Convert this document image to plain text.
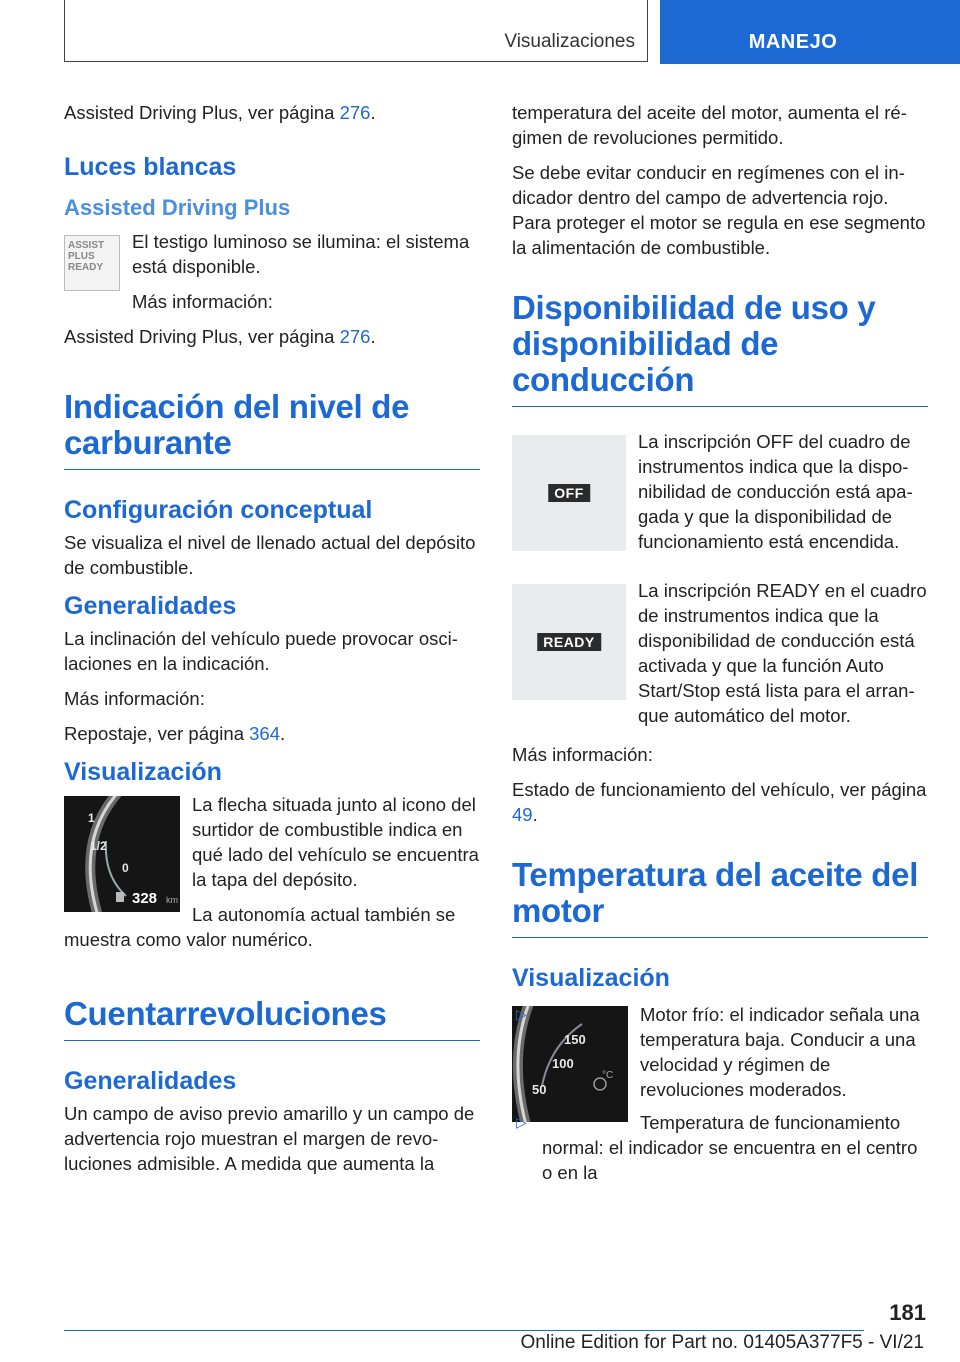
Visualizaciones	MANEJO

Assisted Driving Plus, ver página 276.

Luces blancas
Assisted Driving Plus
ASSIST
PLUS
READY

El testigo luminoso se ilumina: el sistema está disponible.

Más información:

Assisted Driving Plus, ver página 276.

Indicación del nivel de carburante
Configuración conceptual

Se visualiza el nivel de llenado actual del depósito de combustible.

Generalidades

La inclinación del vehículo puede provocar oscilaciones en la indicación.

Más información:

Repostaje, ver página 364.

Visualización
1
1/2
0
328 km

La flecha situada junto al icono del surtidor de combustible indica en qué lado del vehículo se encuentra la tapa del depósito.

La autonomía actual también se muestra como valor numérico.

Cuentarrevoluciones
Generalidades

Un campo de aviso previo amarillo y un campo de advertencia rojo muestran el margen de revoluciones admisible. A medida que aumenta la

temperatura del aceite del motor, aumenta el régimen de revoluciones permitido.

Se debe evitar conducir en regímenes con el indicador dentro del campo de advertencia rojo. Para proteger el motor se regula en ese segmento la alimentación de combustible.

Disponibilidad de uso y disponibilidad de conducción
OFF

La inscripción OFF del cuadro de instrumentos indica que la disponibilidad de conducción está apagada y que la disponibilidad de funcionamiento está encendida.

READY

La inscripción READY en el cuadro de instrumentos indica que la disponibilidad de conducción está activada y que la función Auto Start/Stop está lista para el arranque automático del motor.

Más información:

Estado de funcionamiento del vehículo, ver página 49.

Temperatura del aceite del motor
Visualización
150
100
50
°C
▷	Motor frío: el indicador señala una temperatura baja. Conducir a una velocidad y régimen de revoluciones moderados.
▷	Temperatura de funcionamiento normal: el indicador se encuentra en el centro o en la
181
Online Edition for Part no. 01405A377F5 - VI/21
